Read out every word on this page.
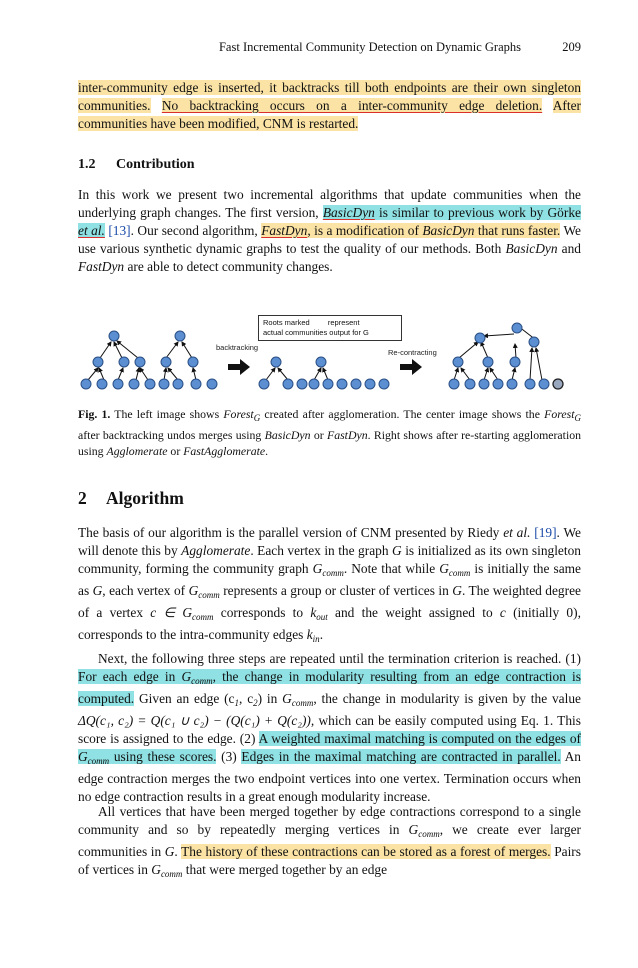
Fast Incremental Community Detection on Dynamic Graphs	209
inter-community edge is inserted, it backtracks till both endpoints are their own singleton communities. No backtracking occurs on a inter-community edge deletion. After communities have been modified, CNM is restarted.
1.2 Contribution
In this work we present two incremental algorithms that update communities when the underlying graph changes. The first version, BasicDyn is similar to previous work by Görke et al. [13]. Our second algorithm, FastDyn, is a modification of BasicDyn that runs faster. We use various synthetic dynamic graphs to test the quality of our methods. Both BasicDyn and FastDyn are able to detect community changes.
Roots marked represent
actual communities output for G
backtracking
Re-contracting
Fig. 1. The left image shows Forest$_G$ created after agglomeration. The center image shows the Forest$_G$ after backtracking undos merges using BasicDyn or FastDyn. Right shows after re-starting agglomeration using Agglomerate or FastAgglomerate.
2 Algorithm
The basis of our algorithm is the parallel version of CNM presented by Riedy et al. [19]. We will denote this by Agglomerate. Each vertex in the graph G is initialized as its own singleton community, forming the community graph $G_{comm}$. Note that while $G_{comm}$ is initially the same as G, each vertex of $G_{comm}$ represents a group or cluster of vertices in G. The weighted degree of a vertex c ∈ $G_{comm}$ corresponds to $k_{out}$ and the weight assigned to c (initially 0), corresponds to the intra-community edges $k_{in}$.
Next, the following three steps are repeated until the termination criterion is reached. (1) For each edge in $G_{comm}$, the change in modularity resulting from an edge contraction is computed. Given an edge ($c_1$, $c_2$) in $G_{comm}$, the change in modularity is given by the value ΔQ(c₁, c₂) = Q(c₁ ∪ c₂) − (Q(c₁) + Q(c₂)), which can be easily computed using Eq. 1. This score is assigned to the edge. (2) A weighted maximal matching is computed on the edges of $G_{comm}$ using these scores. (3) Edges in the maximal matching are contracted in parallel. An edge contraction merges the two endpoint vertices into one vertex. Termination occurs when no edge contraction results in a great enough modularity increase.
All vertices that have been merged together by edge contractions correspond to a single community and so by repeatedly merging vertices in $G_{comm}$, we create ever larger communities in G. The history of these contractions can be stored as a forest of merges. Pairs of vertices in $G_{comm}$ that were merged together by an edge
